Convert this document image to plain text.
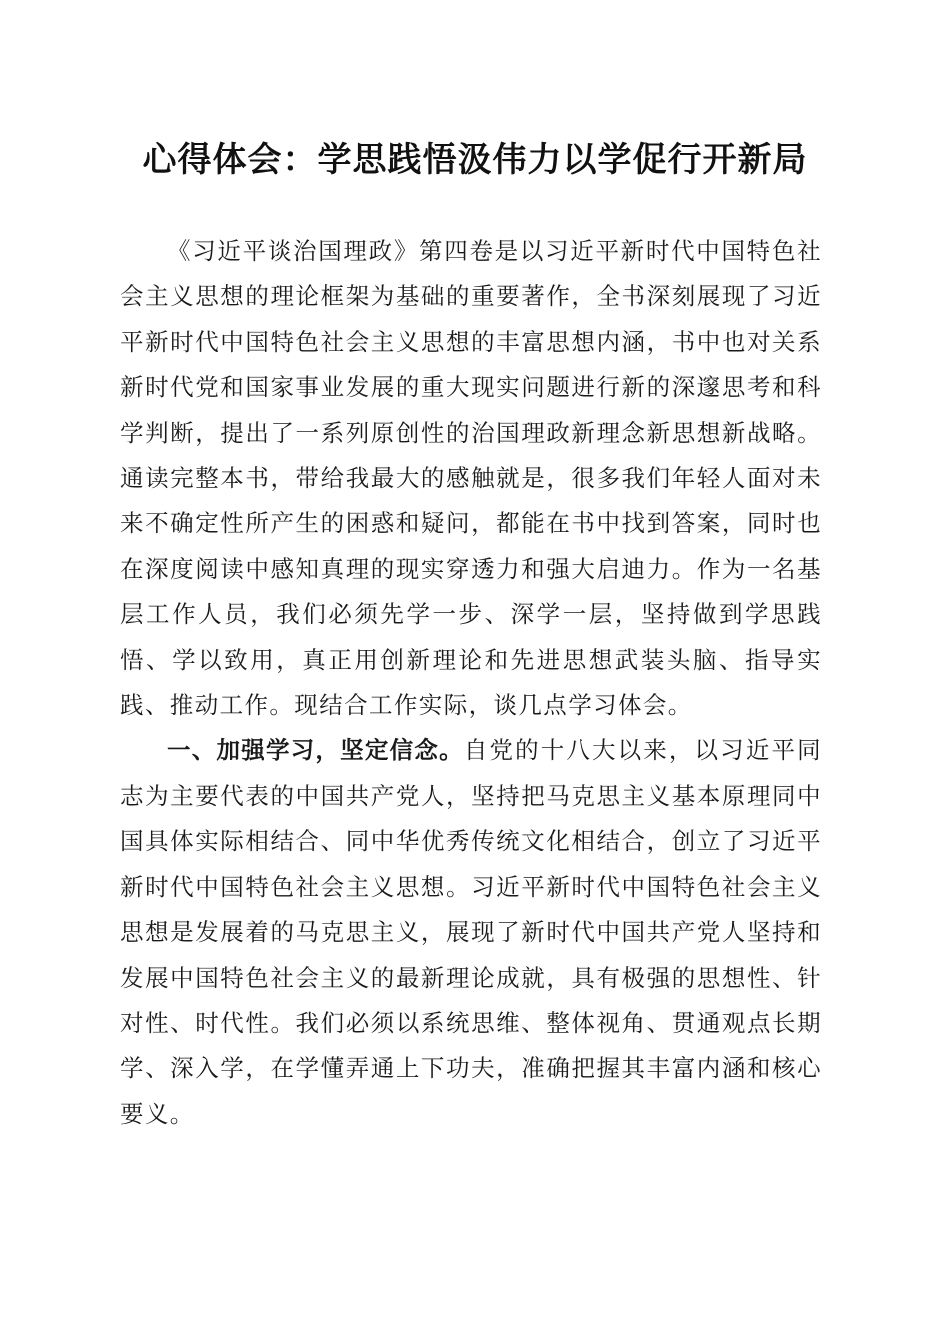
心得体会：学思践悟汲伟力以学促行开新局

《习近平谈治国理政》第四卷是以习近平新时代中国特色社会主义思想的理论框架为基础的重要著作，全书深刻展现了习近平新时代中国特色社会主义思想的丰富思想内涵，书中也对关系新时代党和国家事业发展的重大现实问题进行新的深邃思考和科学判断，提出了一系列原创性的治国理政新理念新思想新战略。通读完整本书，带给我最大的感触就是，很多我们年轻人面对未来不确定性所产生的困惑和疑问，都能在书中找到答案，同时也在深度阅读中感知真理的现实穿透力和强大启迪力。作为一名基层工作人员，我们必须先学一步、深学一层，坚持做到学思践悟、学以致用，真正用创新理论和先进思想武装头脑、指导实践、推动工作。现结合工作实际，谈几点学习体会。

一、加强学习，坚定信念。自党的十八大以来，以习近平同志为主要代表的中国共产党人，坚持把马克思主义基本原理同中国具体实际相结合、同中华优秀传统文化相结合，创立了习近平新时代中国特色社会主义思想。习近平新时代中国特色社会主义思想是发展着的马克思主义，展现了新时代中国共产党人坚持和发展中国特色社会主义的最新理论成就，具有极强的思想性、针对性、时代性。我们必须以系统思维、整体视角、贯通观点长期学、深入学，在学懂弄通上下功夫，准确把握其丰富内涵和核心要义。
